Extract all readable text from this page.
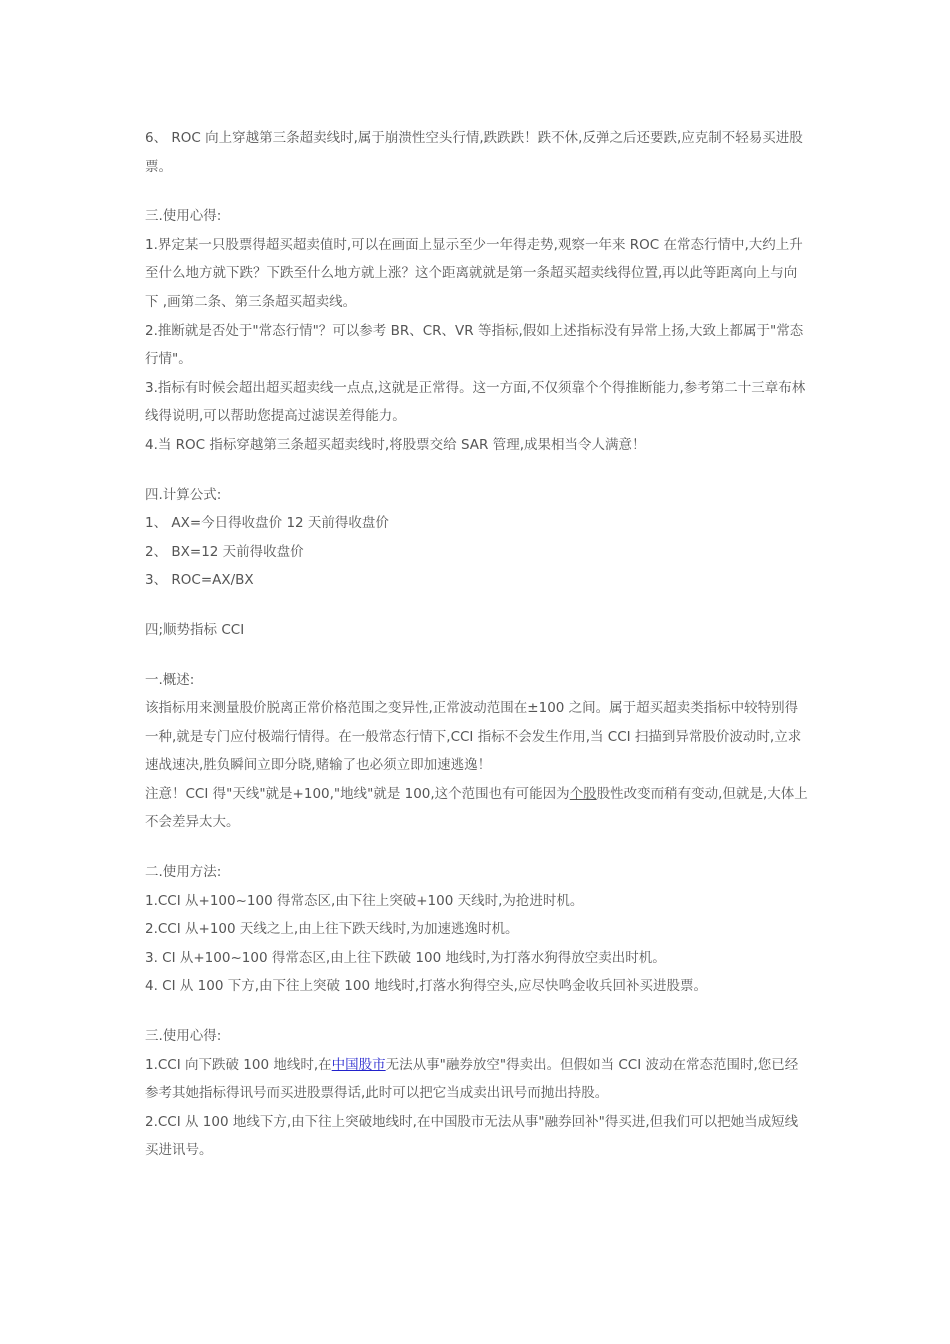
6、 ROC 向上穿越第三条超卖线时,属于崩溃性空头行情,跌跌跌！跌不休,反弹之后还要跌,应克制不轻易买进股票。

三.使用心得:

1.界定某一只股票得超买超卖值时,可以在画面上显示至少一年得走势,观察一年来 ROC 在常态行情中,大约上升至什么地方就下跌？下跌至什么地方就上涨？这个距离就就是第一条超买超卖线得位置,再以此等距离向上与向下 ,画第二条、第三条超买超卖线。

2.推断就是否处于"常态行情"？可以参考 BR、CR、VR 等指标,假如上述指标没有异常上扬,大致上都属于"常态行情"。

3.指标有时候会超出超买超卖线一点点,这就是正常得。这一方面,不仅须靠个个得推断能力,参考第二十三章布林线得说明,可以帮助您提高过滤误差得能力。

4.当 ROC 指标穿越第三条超买超卖线时,将股票交给 SAR 管理,成果相当令人满意！

四.计算公式:

1、 AX=今日得收盘价 12 天前得收盘价

2、 BX=12 天前得收盘价

3、 ROC=AX/BX

四;顺势指标 CCI

一.概述:

该指标用来测量股价脱离正常价格范围之变异性,正常波动范围在±100 之间。属于超买超卖类指标中较特别得一种,就是专门应付极端行情得。在一般常态行情下,CCI 指标不会发生作用,当 CCI 扫描到异常股价波动时,立求速战速决,胜负瞬间立即分晓,赌输了也必须立即加速逃逸！

注意！CCI 得"天线"就是+100,"地线"就是 100,这个范围也有可能因为个股股性改变而稍有变动,但就是,大体上不会差异太大。

二.使用方法:

1.CCI 从+100~100 得常态区,由下往上突破+100 天线时,为抢进时机。

2.CCI 从+100 天线之上,由上往下跌天线时,为加速逃逸时机。

3. CI 从+100~100 得常态区,由上往下跌破 100 地线时,为打落水狗得放空卖出时机。

4. CI 从 100 下方,由下往上突破 100 地线时,打落水狗得空头,应尽快鸣金收兵回补买进股票。

三.使用心得:

1.CCI 向下跌破 100 地线时,在中国股市无法从事"融券放空"得卖出。但假如当 CCI 波动在常态范围时,您已经参考其她指标得讯号而买进股票得话,此时可以把它当成卖出讯号而抛出持股。

2.CCI 从 100 地线下方,由下往上突破地线时,在中国股市无法从事"融券回补"得买进,但我们可以把她当成短线买进讯号。
